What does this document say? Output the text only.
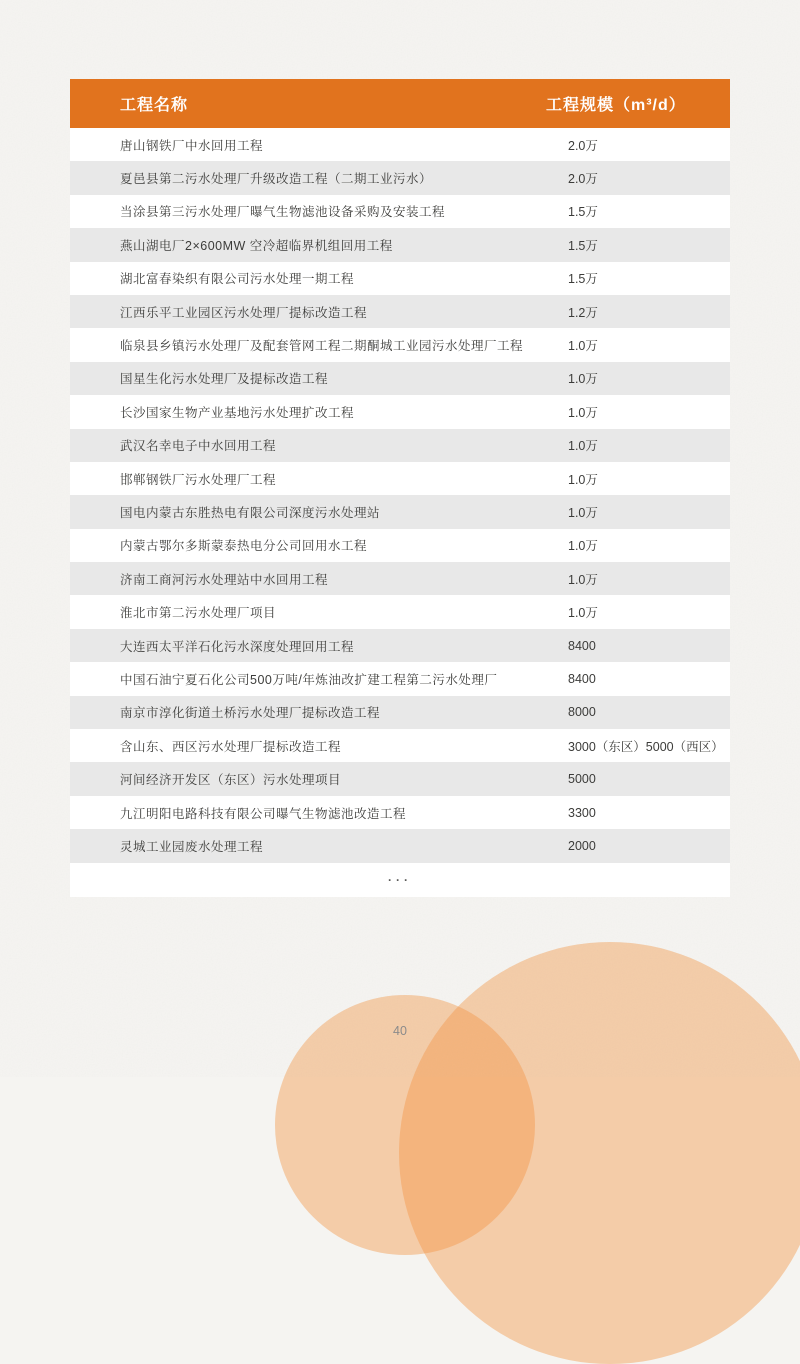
工程名称	工程规模（m³/d）
唐山钢铁厂中水回用工程	2.0万
夏邑县第二污水处理厂升级改造工程（二期工业污水）	2.0万
当涂县第三污水处理厂曝气生物滤池设备采购及安装工程	1.5万
燕山湖电厂2×600MW 空冷超临界机组回用工程	1.5万
湖北富春染织有限公司污水处理一期工程	1.5万
江西乐平工业园区污水处理厂提标改造工程	1.2万
临泉县乡镇污水处理厂及配套管网工程二期酮城工业园污水处理厂工程	1.0万
国星生化污水处理厂及提标改造工程	1.0万
长沙国家生物产业基地污水处理扩改工程	1.0万
武汉名幸电子中水回用工程	1.0万
邯郸钢铁厂污水处理厂工程	1.0万
国电内蒙古东胜热电有限公司深度污水处理站	1.0万
内蒙古鄂尔多斯蒙泰热电分公司回用水工程	1.0万
济南工商河污水处理站中水回用工程	1.0万
淮北市第二污水处理厂项目	1.0万
大连西太平洋石化污水深度处理回用工程	8400
中国石油宁夏石化公司500万吨/年炼油改扩建工程第二污水处理厂	8400
南京市淳化街道土桥污水处理厂提标改造工程	8000
含山东、西区污水处理厂提标改造工程	3000（东区）5000（西区）
河间经济开发区（东区）污水处理项目	5000
九江明阳电路科技有限公司曝气生物滤池改造工程	3300
灵城工业园废水处理工程	2000
···
40
